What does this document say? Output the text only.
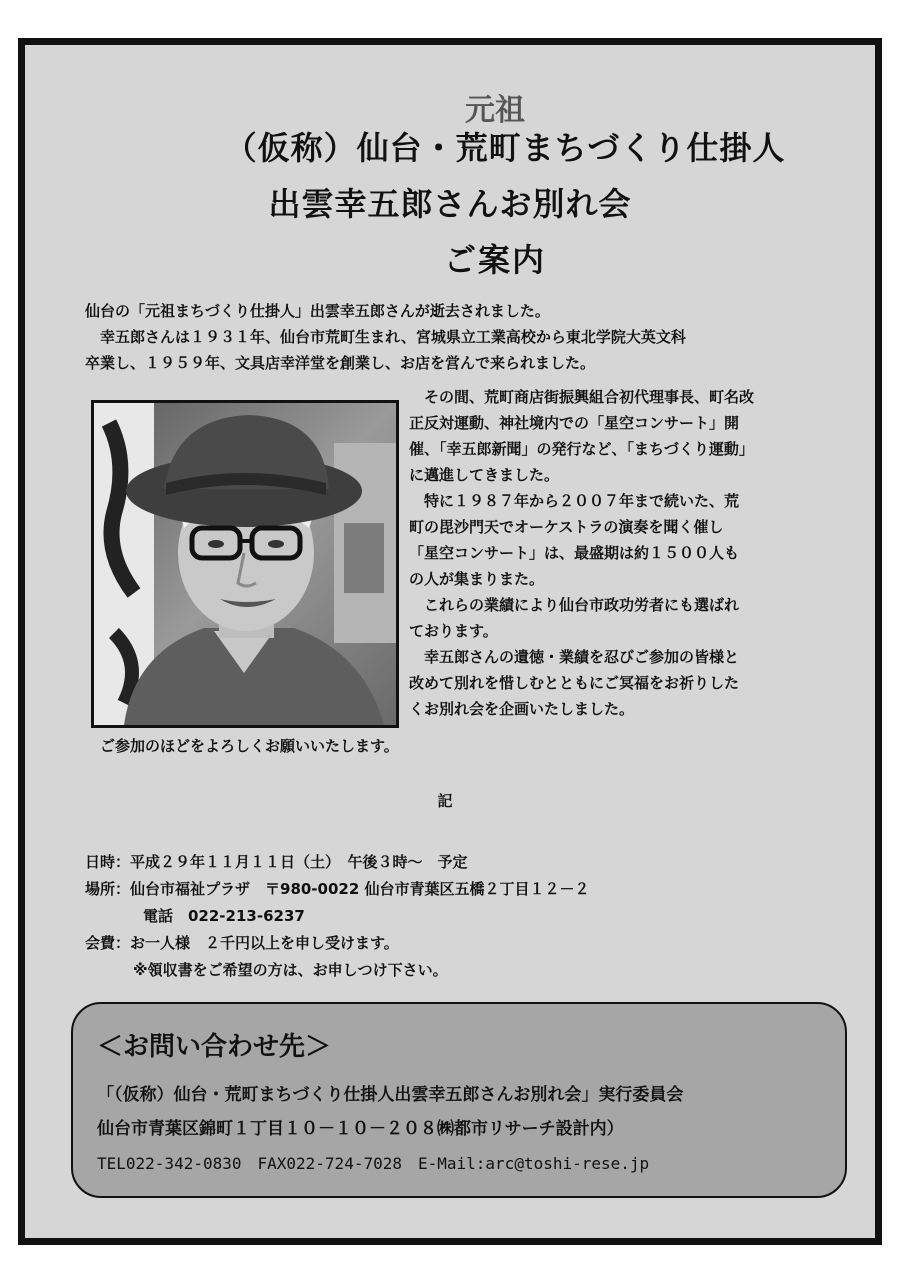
元祖
（仮称）仙台・荒町まちづくり仕掛人
出雲幸五郎さんお別れ会
ご案内
仙台の「元祖まちづくり仕掛人」出雲幸五郎さんが逝去されました。
幸五郎さんは１９３１年、仙台市荒町生まれ、宮城県立工業高校から東北学院大英文科
卒業し、１９５９年、文具店幸洋堂を創業し、お店を営んで来られました。
その間、荒町商店街振興組合初代理事長、町名改
正反対運動、神社境内での「星空コンサート」開
催、「幸五郎新聞」の発行など、「まちづくり運動」
に邁進してきました。
特に１９８７年から２００７年まで続いた、荒
町の毘沙門天でオーケストラの演奏を聞く催し
「星空コンサート」は、最盛期は約１５００人も
の人が集まりまた。
これらの業績により仙台市政功労者にも選ばれ
ております。
幸五郎さんの遺徳・業績を忍びご参加の皆様と
改めて別れを惜しむとともにご冥福をお祈りした
くお別れ会を企画いたしました。
ご参加のほどをよろしくお願いいたします。
記
日時：平成２９年１１月１１日（土）　午後３時～　予定
場所：仙台市福祉プラザ　〒980-0022 仙台市青葉区五橋２丁目１２－２
電話　022-213-6237
会費：お一人様　２千円以上を申し受けます。
※領収書をご希望の方は、お申しつけ下さい。
＜お問い合わせ先＞
「（仮称）仙台・荒町まちづくり仕掛人出雲幸五郎さんお別れ会」実行委員会
仙台市青葉区錦町１丁目１０－１０－２０８㈱都市リサーチ設計内）
TEL022-342-0830　FAX022-724-7028　E-Mail:arc@toshi-rese.jp
